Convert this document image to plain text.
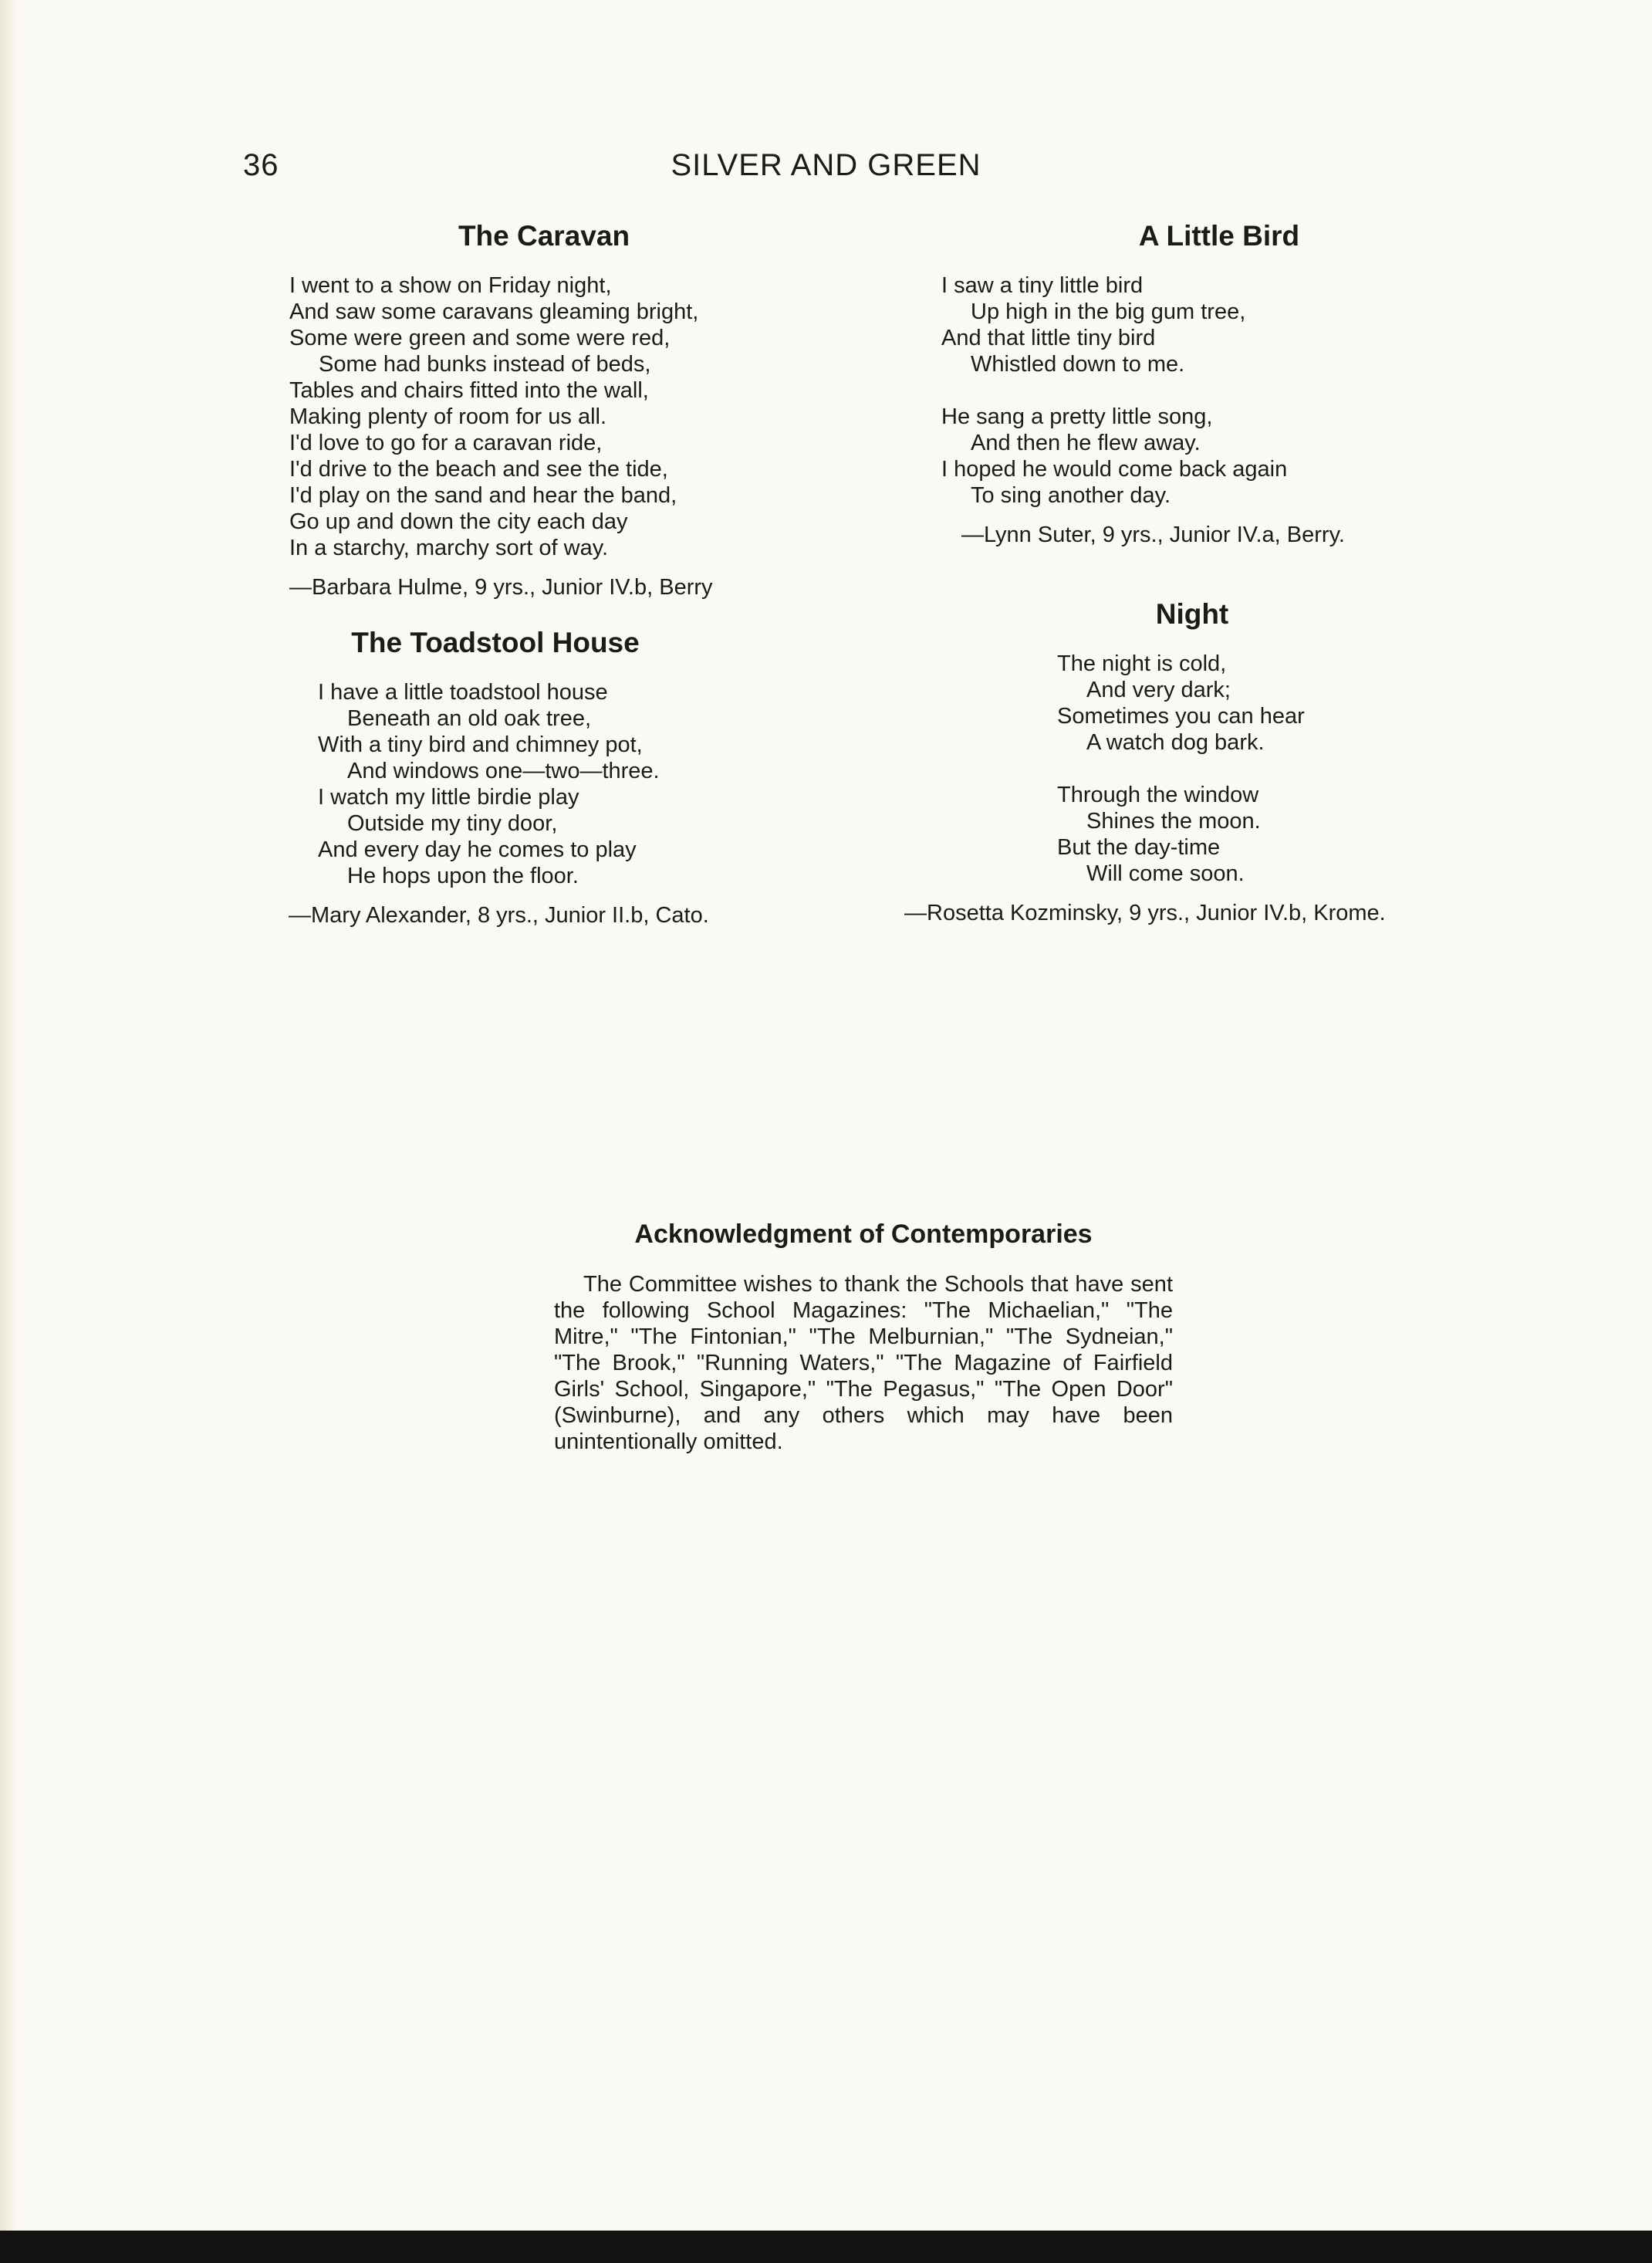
36	SILVER AND GREEN
The Caravan
I went to a show on Friday night,
And saw some caravans gleaming bright,
Some were green and some were red,
Some had bunks instead of beds,
Tables and chairs fitted into the wall,
Making plenty of room for us all.
I'd love to go for a caravan ride,
I'd drive to the beach and see the tide,
I'd play on the sand and hear the band,
Go up and down the city each day
In a starchy, marchy sort of way.
—Barbara Hulme, 9 yrs., Junior IV.b, Berry
The Toadstool House
I have a little toadstool house
Beneath an old oak tree,
With a tiny bird and chimney pot,
And windows one—two—three.
I watch my little birdie play
Outside my tiny door,
And every day he comes to play
He hops upon the floor.
—Mary Alexander, 8 yrs., Junior II.b, Cato.
A Little Bird
I saw a tiny little bird
Up high in the big gum tree,
And that little tiny bird
Whistled down to me.
He sang a pretty little song,
And then he flew away.
I hoped he would come back again
To sing another day.
—Lynn Suter, 9 yrs., Junior IV.a, Berry.
Night
The night is cold,
And very dark;
Sometimes you can hear
A watch dog bark.
Through the window
Shines the moon.
But the day-time
Will come soon.
—Rosetta Kozminsky, 9 yrs., Junior IV.b, Krome.
Acknowledgment of Contemporaries

The Committee wishes to thank the Schools that have sent the following School Magazines: "The Michaelian," "The Mitre," "The Fintonian," "The Melburnian," "The Sydneian," "The Brook," "Running Waters," "The Magazine of Fairfield Girls' School, Singapore," "The Pegasus," "The Open Door" (Swinburne), and any others which may have been unintentionally omitted.
